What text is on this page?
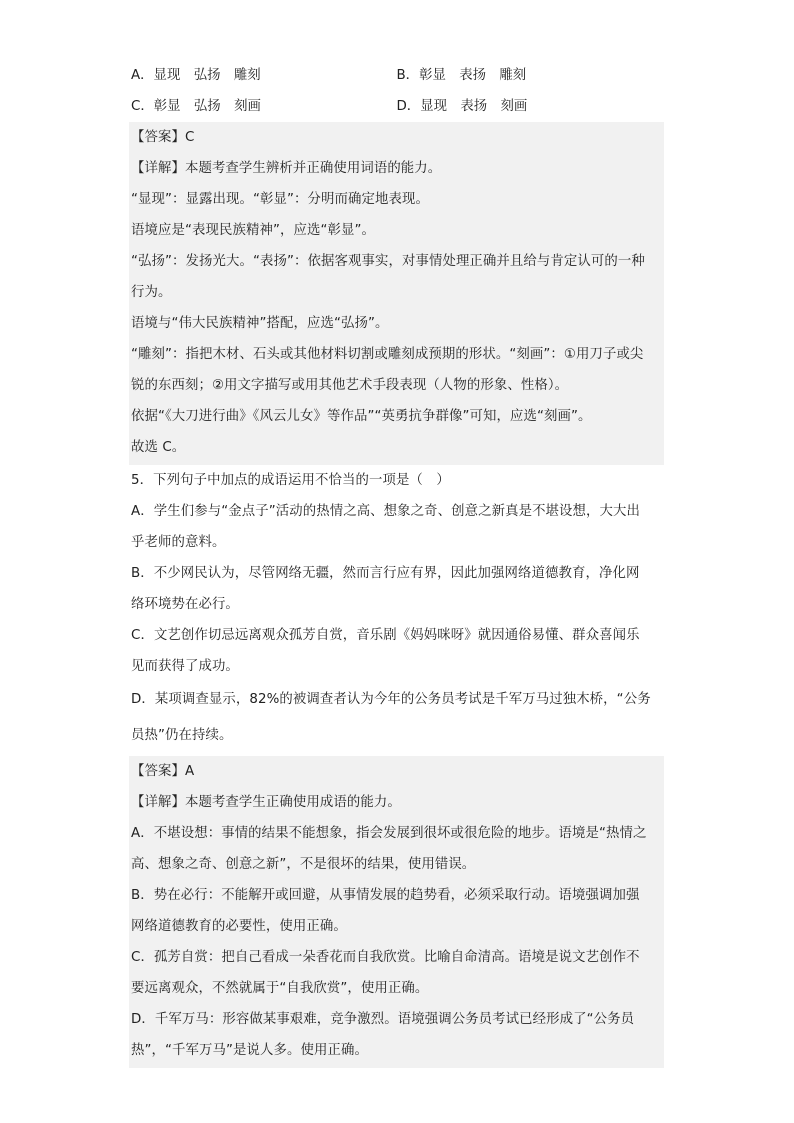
A．显现　弘扬　雕刻	B．彰显　表扬　雕刻
C．彰显　弘扬　刻画	D．显现　表扬　刻画
【答案】C
【详解】本题考查学生辨析并正确使用词语的能力。
“显现”：显露出现。“彰显”：分明而确定地表现。
语境应是“表现民族精神”，应选“彰显”。
“弘扬”：发扬光大。“表扬”：依据客观事实，对事情处理正确并且给与肯定认可的一种
行为。
语境与“伟大民族精神”搭配，应选“弘扬”。
“雕刻”：指把木材、石头或其他材料切割或雕刻成预期的形状。“刻画”：①用刀子或尖
锐的东西刻；②用文字描写或用其他艺术手段表现（人物的形象、性格）。
依据“《大刀进行曲》《风云儿女》等作品”“英勇抗争群像”可知，应选“刻画”。
故选 C。
5．下列句子中加点的成语运用不恰当的一项是（　）
A．学生们参与“金点子”活动的热情之高、想象之奇、创意之新真是不堪设想，大大出
乎老师的意料。
B．不少网民认为，尽管网络无疆，然而言行应有界，因此加强网络道德教育，净化网
络环境势在必行。
C．文艺创作切忌远离观众孤芳自赏，音乐剧《妈妈咪呀》就因通俗易懂、群众喜闻乐
见而获得了成功。
D．某项调查显示，82%的被调查者认为今年的公务员考试是千军万马过独木桥，“公务
员热”仍在持续。
【答案】A
【详解】本题考查学生正确使用成语的能力。
A．不堪设想：事情的结果不能想象，指会发展到很坏或很危险的地步。语境是“热情之
高、想象之奇、创意之新”，不是很坏的结果，使用错误。
B．势在必行：不能解开或回避，从事情发展的趋势看，必须采取行动。语境强调加强
网络道德教育的必要性，使用正确。
C．孤芳自赏：把自己看成一朵香花而自我欣赏。比喻自命清高。语境是说文艺创作不
要远离观众，不然就属于“自我欣赏”，使用正确。
D．千军万马：形容做某事艰难，竞争激烈。语境强调公务员考试已经形成了“公务员
热”，“千军万马”是说人多。使用正确。
